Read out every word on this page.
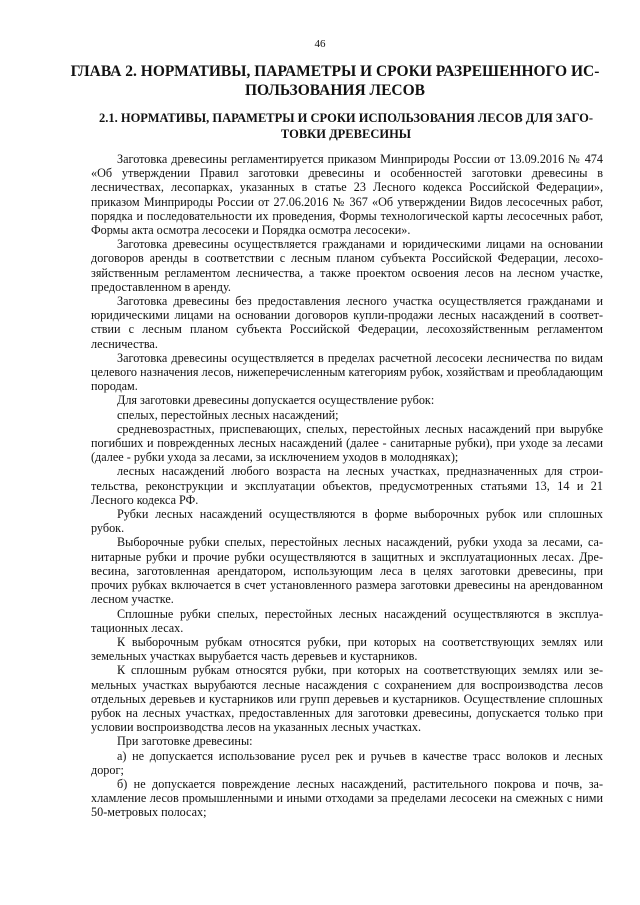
46
ГЛАВА 2. НОРМАТИВЫ, ПАРАМЕТРЫ И СРОКИ РАЗРЕШЕННОГО ИСПОЛЬЗОВАНИЯ ЛЕСОВ
2.1. НОРМАТИВЫ, ПАРАМЕТРЫ И СРОКИ ИСПОЛЬЗОВАНИЯ ЛЕСОВ ДЛЯ ЗАГОТОВКИ ДРЕВЕСИНЫ

Заготовка древесины регламентируется приказом Минприроды России от 13.09.2016 № 474 «Об утверждении Правил заготовки древесины и особенностей заготовки древесины в лесничествах, лесопарках, указанных в статье 23 Лесного кодекса Российской Федерации», приказом Минприроды России от 27.06.2016 № 367 «Об утверждении Видов лесосечных работ, порядка и последовательности их проведения, Формы технологической карты лесосечных работ, Формы акта осмотра лесосеки и Порядка осмотра лесосеки».

Заготовка древесины осуществляется гражданами и юридическими лицами на основании договоров аренды в соответствии с лесным планом субъекта Российской Федерации, лесохозяйственным регламентом лесничества, а также проектом освоения лесов на лесном участке, предоставленном в аренду.

Заготовка древесины без предоставления лесного участка осуществляется гражданами и юридическими лицами на основании договоров купли-продажи лесных насаждений в соответствии с лесным планом субъекта Российской Федерации, лесохозяйственным регламентом лесничества.

Заготовка древесины осуществляется в пределах расчетной лесосеки лесничества по видам целевого назначения лесов, нижеперечисленным категориям рубок, хозяйствам и преобладающим породам.

Для заготовки древесины допускается осуществление рубок:

спелых, перестойных лесных насаждений;

средневозрастных, приспевающих, спелых, перестойных лесных насаждений при вырубке погибших и поврежденных лесных насаждений (далее - санитарные рубки), при уходе за лесами (далее - рубки ухода за лесами, за исключением уходов в молодняках);

лесных насаждений любого возраста на лесных участках, предназначенных для строительства, реконструкции и эксплуатации объектов, предусмотренных статьями 13, 14 и 21 Лесного кодекса РФ.

Рубки лесных насаждений осуществляются в форме выборочных рубок или сплошных рубок.

Выборочные рубки спелых, перестойных лесных насаждений, рубки ухода за лесами, санитарные рубки и прочие рубки осуществляются в защитных и эксплуатационных лесах. Древесина, заготовленная арендатором, использующим леса в целях заготовки древесины, при прочих рубках включается в счет установленного размера заготовки древесины на арендованном лесном участке.

Сплошные рубки спелых, перестойных лесных насаждений осуществляются в эксплуатационных лесах.

К выборочным рубкам относятся рубки, при которых на соответствующих землях или земельных участках вырубается часть деревьев и кустарников.

К сплошным рубкам относятся рубки, при которых на соответствующих землях или земельных участках вырубаются лесные насаждения с сохранением для воспроизводства лесов отдельных деревьев и кустарников или групп деревьев и кустарников. Осуществление сплошных рубок на лесных участках, предоставленных для заготовки древесины, допускается только при условии воспроизводства лесов на указанных лесных участках.

При заготовке древесины:

а) не допускается использование русел рек и ручьев в качестве трасс волоков и лесных дорог;

б) не допускается повреждение лесных насаждений, растительного покрова и почв, захламление лесов промышленными и иными отходами за пределами лесосеки на смежных с ними 50-метровых полосах;
